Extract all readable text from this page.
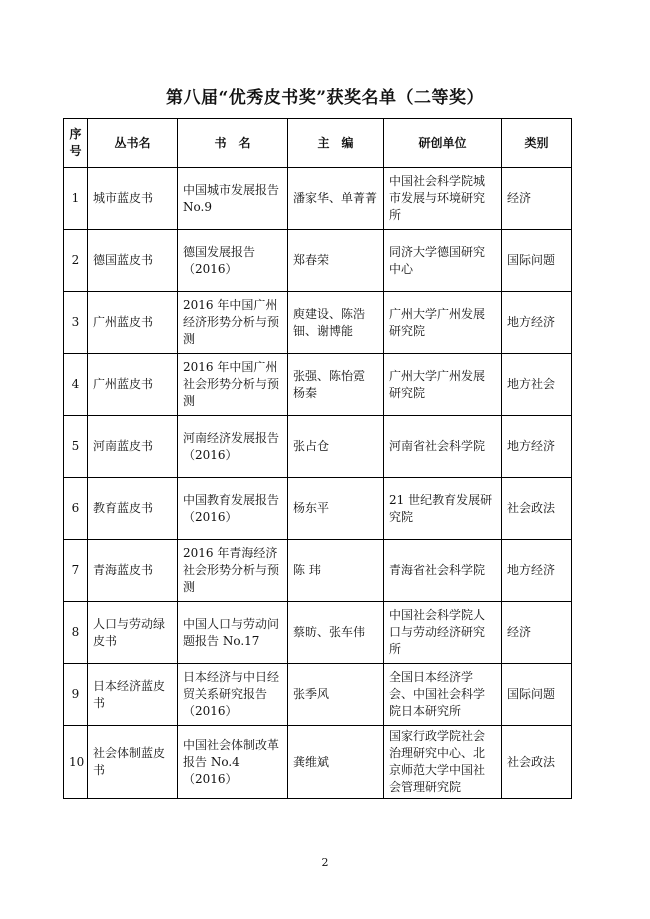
第八届“优秀皮书奖”获奖名单（二等奖）
序号	丛书名	书　名	主　编	研创单位	类别
1	城市蓝皮书	中国城市发展报告No.9	潘家华、单菁菁	中国社会科学院城市发展与环境研究所	经济
2	德国蓝皮书	德国发展报告（2016）	郑春荣	同济大学德国研究中心	国际问题
3	广州蓝皮书	2016 年中国广州经济形势分析与预测	庾建设、陈浩钿、谢博能	广州大学广州发展研究院	地方经济
4	广州蓝皮书	2016 年中国广州社会形势分析与预测	张强、陈怡霓 杨秦	广州大学广州发展研究院	地方社会
5	河南蓝皮书	河南经济发展报告（2016）	张占仓	河南省社会科学院	地方经济
6	教育蓝皮书	中国教育发展报告（2016）	杨东平	21 世纪教育发展研究院	社会政法
7	青海蓝皮书	2016 年青海经济社会形势分析与预测	陈 玮	青海省社会科学院	地方经济
8	人口与劳动绿皮书	中国人口与劳动问题报告 No.17	蔡昉、张车伟	中国社会科学院人口与劳动经济研究所	经济
9	日本经济蓝皮书	日本经济与中日经贸关系研究报告（2016）	张季风	全国日本经济学会、中国社会科学院日本研究所	国际问题
10	社会体制蓝皮书	中国社会体制改革报告 No.4（2016）	龚维斌	国家行政学院社会治理研究中心、北京师范大学中国社会管理研究院	社会政法
2
